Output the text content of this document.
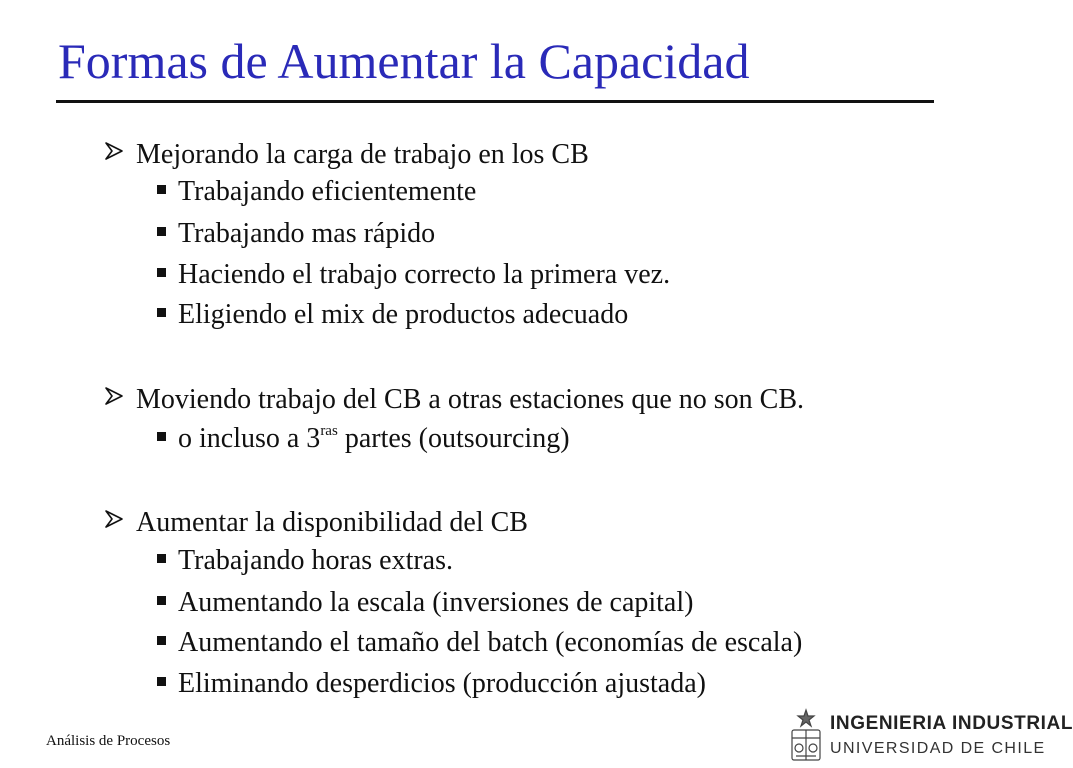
Formas de Aumentar la Capacidad
Mejorando la carga de trabajo en los CB
Trabajando eficientemente
Trabajando mas rápido
Haciendo el trabajo correcto la primera vez.
Eligiendo el mix de productos adecuado
Moviendo trabajo del CB a otras estaciones que no son CB.
o incluso a $3^{ras}$ partes (outsourcing)
Aumentar la disponibilidad del CB
Trabajando horas extras.
Aumentando la escala (inversiones de capital)
Aumentando el tamaño del batch (economías de escala)
Eliminando desperdicios (producción ajustada)
Análisis de Procesos
INGENIERIA INDUSTRIAL
UNIVERSIDAD DE CHILE
